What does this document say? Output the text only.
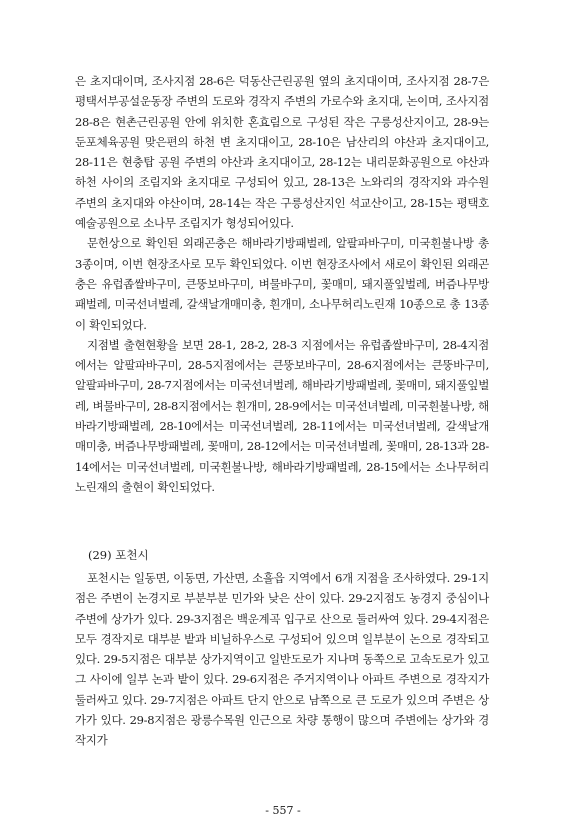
은 초지대이며, 조사지점 28-6은 덕동산근린공원 옆의 초지대이며, 조사지점 28-7은 평택서부공설운동장 주변의 도로와 경작지 주변의 가로수와 초지대, 논이며, 조사지점 28-8은 현촌근린공원 안에 위치한 혼효림으로 구성된 작은 구릉성산지이고, 28-9는 둔포체육공원 맞은편의 하천 변 초지대이고, 28-10은 남산리의 야산과 초지대이고, 28-11은 현충탑 공원 주변의 야산과 초지대이고, 28-12는 내리문화공원으로 야산과 하천 사이의 조림지와 초지대로 구성되어 있고, 28-13은 노와리의 경작지와 과수원 주변의 초지대와 야산이며, 28-14는 작은 구릉성산지인 석교산이고, 28-15는 평택호예술공원으로 소나무 조림지가 형성되어있다.

문헌상으로 확인된 외래곤충은 해바라기방패벌레, 알팔파바구미, 미국흰불나방 총 3종이며, 이번 현장조사로 모두 확인되었다. 이번 현장조사에서 새로이 확인된 외래곤충은 유럽좁쌀바구미, 큰뚱보바구미, 벼물바구미, 꽃매미, 돼지풀잎벌레, 버즘나무방패벌레, 미국선녀벌레, 갈색날개매미충, 흰개미, 소나무허리노린재 10종으로 총 13종이 확인되었다.

지점별 출현현황을 보면 28-1, 28-2, 28-3 지점에서는 유럽좁쌀바구미, 28-4지점에서는 알팔파바구미, 28-5지점에서는 큰뚱보바구미, 28-6지점에서는 큰뚱바구미, 알팔파바구미, 28-7지점에서는 미국선녀벌레, 해바라기방패벌레, 꽃매미, 돼지풀잎벌레, 벼물바구미, 28-8지점에서는 흰개미, 28-9에서는 미국선녀벌레, 미국흰불나방, 해바라기방패벌레, 28-10에서는 미국선녀벌레, 28-11에서는 미국선녀벌레, 갈색날개매미충, 버즘나무방패벌레, 꽃매미, 28-12에서는 미국선녀벌레, 꽃매미, 28-13과 28-14에서는 미국선녀벌레, 미국흰불나방, 해바라기방패벌레, 28-15에서는 소나무허리노린재의 출현이 확인되었다.

(29) 포천시

포천시는 일동면, 이동면, 가산면, 소흘읍 지역에서 6개 지점을 조사하였다. 29-1지점은 주변이 논경지로 부분부분 민가와 낮은 산이 있다. 29-2지점도 농경지 중심이나 주변에 상가가 있다. 29-3지점은 백운계곡 입구로 산으로 둘러싸여 있다. 29-4지점은 모두 경작지로 대부분 밭과 비닐하우스로 구성되어 있으며 일부분이 논으로 경작되고 있다. 29-5지점은 대부분 상가지역이고 일반도로가 지나며 동쪽으로 고속도로가 있고 그 사이에 일부 논과 밭이 있다. 29-6지점은 주거지역이나 아파트 주변으로 경작지가 둘러싸고 있다. 29-7지점은 아파트 단지 안으로 남쪽으로 큰 도로가 있으며 주변은 상가가 있다. 29-8지점은 광릉수목원 인근으로 차량 통행이 많으며 주변에는 상가와 경작지가

- 557 -
